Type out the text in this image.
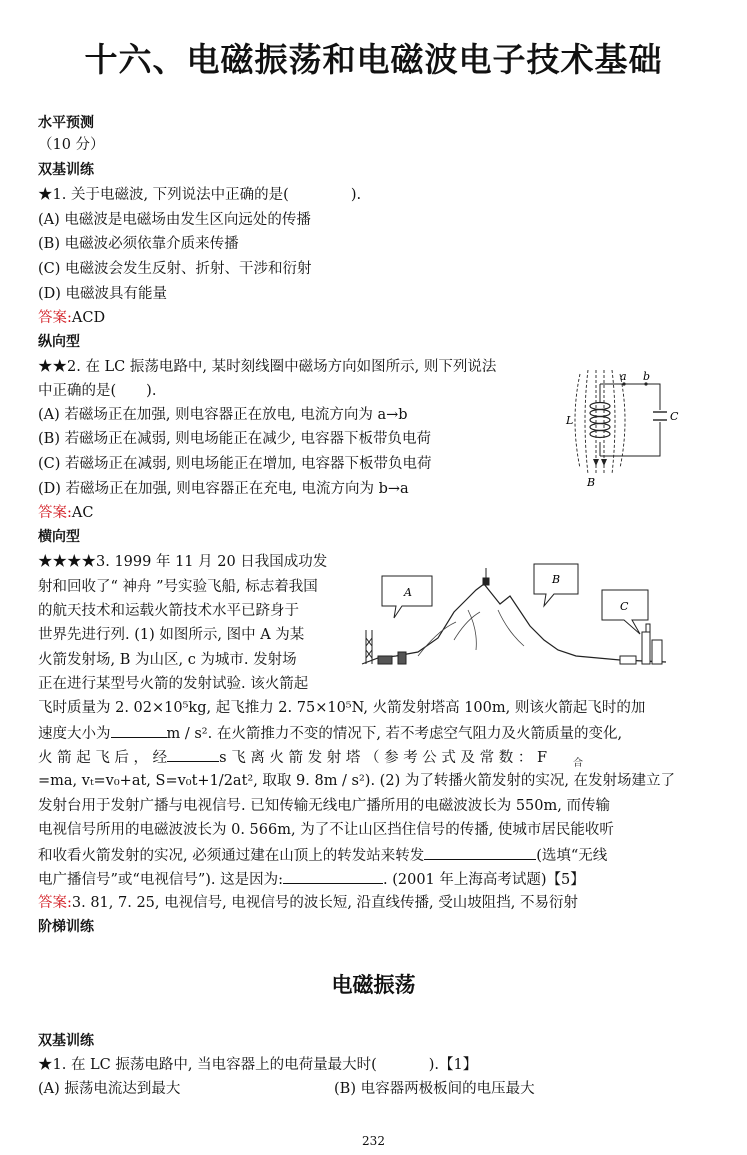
十六、电磁振荡和电磁波电子技术基础
水平预测
（10 分）
双基训练
★1. 关于电磁波, 下列说法中正确的是(	).
(A) 电磁波是电磁场由发生区向远处的传播
(B) 电磁波必须依靠介质来传播
(C) 电磁波会发生反射、折射、干涉和衍射
(D) 电磁波具有能量
答案:ACD
纵向型
★★2. 在 LC 振荡电路中, 某时刻线圈中磁场方向如图所示, 则下列说法
中正确的是( ).
(A) 若磁场正在加强, 则电容器正在放电, 电流方向为 a→b
(B) 若磁场正在减弱, 则电场能正在减少, 电容器下板带负电荷
(C) 若磁场正在减弱, 则电场能正在增加, 电容器下板带负电荷
(D) 若磁场正在加强, 则电容器正在充电, 电流方向为 b→a
答案:AC
a b
L	C
B
横向型
★★★★3. 1999 年 11 月 20 日我国成功发
射和回收了“ 神舟 ”号实验飞船, 标志着我国
的航天技术和运载火箭技术水平已跻身于
世界先进行列. (1) 如图所示, 图中 A 为某
火箭发射场, B 为山区, c 为城市. 发射场
正在进行某型号火箭的发射试验. 该火箭起
A
B
C
飞时质量为 2. 02×10⁵kg, 起飞推力 2. 75×10⁵N, 火箭发射塔高 100m, 则该火箭起飞时的加
速度大小为	m / s². 在火箭推力不变的情况下, 若不考虑空气阻力及火箭质量的变化,
火 箭 起 飞 后 ， 经	s 飞 离 火 箭 发 射 塔 （ 参 考 公 式 及 常 数 ： F	$_合$
=ma, vₜ=v₀+at, S=v₀t+1/2at², 取取 9. 8m / s²). (2) 为了转播火箭发射的实况, 在发射场建立了
发射台用于发射广播与电视信号. 已知传输无线电广播所用的电磁波波长为 550m, 而传输
电视信号所用的电磁波波长为 0. 566m, 为了不让山区挡住信号的传播, 使城市居民能收听
和收看火箭发射的实况, 必须通过建在山顶上的转发站来转发	(选填“无线
电广播信号”或“电视信号”). 这是因为:	. (2001 年上海高考试题)【5】
答案:3. 81, 7. 25, 电视信号, 电视信号的波长短, 沿直线传播, 受山坡阻挡, 不易衍射
阶梯训练
电磁振荡
双基训练
★1. 在 LC 振荡电路中, 当电容器上的电荷量最大时(	).【1】
(A) 振荡电流达到最大	(B) 电容器两极板间的电压最大
232
